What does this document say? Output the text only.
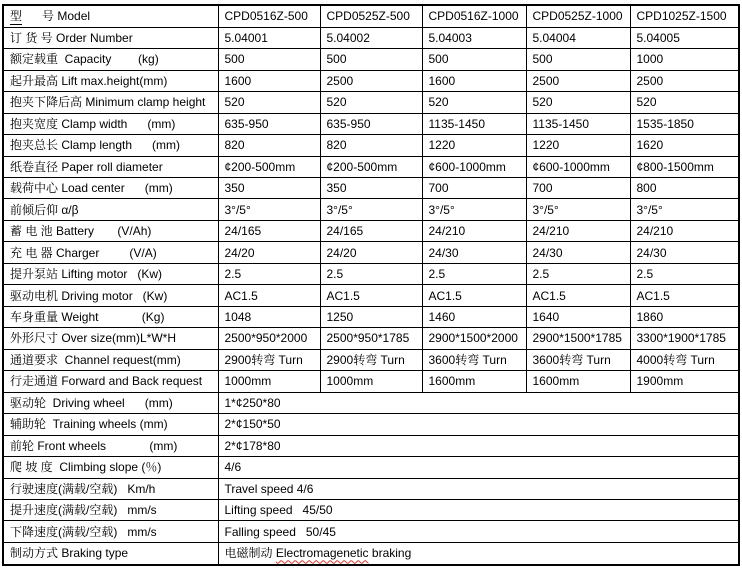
型      号 Model	CPD0516Z-500	CPD0525Z-500	CPD0516Z-1000	CPD0525Z-1000	CPD1025Z-1500
订 货 号 Order Number	5.04001	5.04002	5.04003	5.04004	5.04005
额定载重  Capacity        (kg)	500	500	500	500	1000
起升最高 Lift max.height(mm)	1600	2500	1600	2500	2500
抱夹下降后高 Minimum clamp height	520	520	520	520	520
抱夹宽度 Clamp width      (mm)	635-950	635-950	1135-1450	1135-1450	1535-1850
抱夹总长 Clamp length      (mm)	820	820	1220	1220	1620
纸卷直径 Paper roll diameter	¢200-500mm	¢200-500mm	¢600-1000mm	¢600-1000mm	¢800-1500mm
载荷中心 Load center      (mm)	350	350	700	700	800
前倾后仰 α/β	3°/5°	3°/5°	3°/5°	3°/5°	3°/5°
蓄 电 池 Battery       (V/Ah)	24/165	24/165	24/210	24/210	24/210
充 电 器 Charger         (V/A)	24/20	24/20	24/30	24/30	24/30
提升泵站 Lifting motor   (Kw)	2.5	2.5	2.5	2.5	2.5
驱动电机 Driving motor   (Kw)	AC1.5	AC1.5	AC1.5	AC1.5	AC1.5
车身重量 Weight             (Kg)	1048	1250	1460	1640	1860
外形尺寸 Over size(mm)L*W*H	2500*950*2000	2500*950*1785	2900*1500*2000	2900*1500*1785	3300*1900*1785
通道要求  Channel request(mm)	2900转弯 Turn	2900转弯 Turn	3600转弯 Turn	3600转弯 Turn	4000转弯 Turn
行走通道 Forward and Back request	1000mm	1000mm	1600mm	1600mm	1900mm
驱动轮  Driving wheel      (mm)	1*¢250*80				
辅助轮  Training wheels (mm)	2*¢150*50				
前轮 Front wheels             (mm)	2*¢178*80				
爬 坡 度  Climbing slope (％)	4/6				
行驶速度(满载/空载)   Km/h	Travel speed 4/6				
提升速度(满载/空载)   mm/s	Lifting speed   45/50				
下降速度(满载/空载)   mm/s	Falling speed   50/45				
制动方式 Braking type	电磁制动 Electromagenetic braking				
